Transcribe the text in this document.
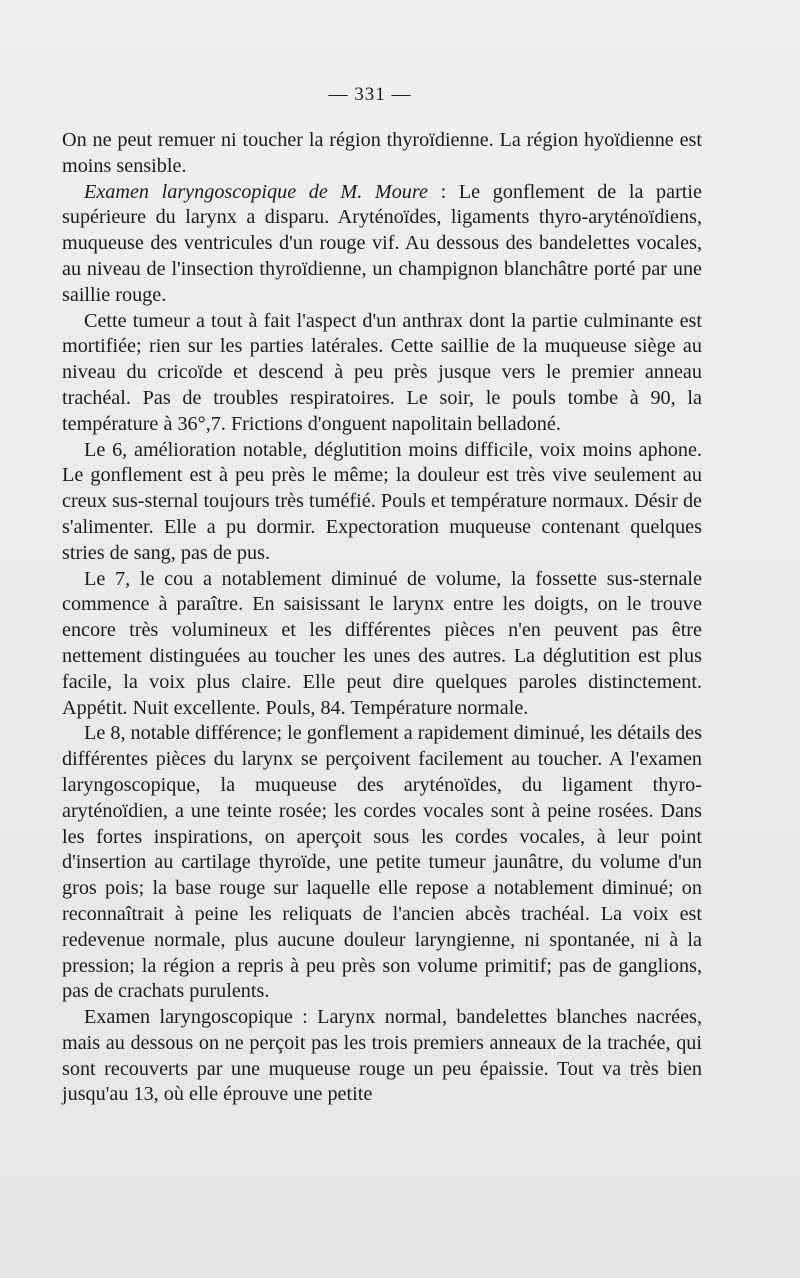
— 331 —

On ne peut remuer ni toucher la région thyroïdienne. La région hyoïdienne est moins sensible.

Examen laryngoscopique de M. Moure : Le gonflement de la partie supérieure du larynx a disparu. Aryténoïdes, ligaments thyro-aryténoïdiens, muqueuse des ventricules d'un rouge vif. Au dessous des bandelettes vocales, au niveau de l'insection thyroïdienne, un champignon blanchâtre porté par une saillie rouge.

Cette tumeur a tout à fait l'aspect d'un anthrax dont la partie culminante est mortifiée; rien sur les parties latérales. Cette saillie de la muqueuse siège au niveau du cricoïde et descend à peu près jusque vers le premier anneau trachéal. Pas de troubles respiratoires. Le soir, le pouls tombe à 90, la température à 36°,7. Frictions d'onguent napolitain belladoné.

Le 6, amélioration notable, déglutition moins difficile, voix moins aphone. Le gonflement est à peu près le même; la douleur est très vive seulement au creux sus-sternal toujours très tuméfié. Pouls et température normaux. Désir de s'alimenter. Elle a pu dormir. Expectoration muqueuse contenant quelques stries de sang, pas de pus.

Le 7, le cou a notablement diminué de volume, la fossette sus-sternale commence à paraître. En saisissant le larynx entre les doigts, on le trouve encore très volumineux et les différentes pièces n'en peuvent pas être nettement distinguées au toucher les unes des autres. La déglutition est plus facile, la voix plus claire. Elle peut dire quelques paroles distinctement. Appétit. Nuit excellente. Pouls, 84. Température normale.

Le 8, notable différence; le gonflement a rapidement diminué, les détails des différentes pièces du larynx se perçoivent facilement au toucher. A l'examen laryngoscopique, la muqueuse des aryténoïdes, du ligament thyro-aryténoïdien, a une teinte rosée; les cordes vocales sont à peine rosées. Dans les fortes inspirations, on aperçoit sous les cordes vocales, à leur point d'insertion au cartilage thyroïde, une petite tumeur jaunâtre, du volume d'un gros pois; la base rouge sur laquelle elle repose a notablement diminué; on reconnaîtrait à peine les reliquats de l'ancien abcès trachéal. La voix est redevenue normale, plus aucune douleur laryngienne, ni spontanée, ni à la pression; la région a repris à peu près son volume primitif; pas de ganglions, pas de crachats purulents.

Examen laryngoscopique : Larynx normal, bandelettes blanches nacrées, mais au dessous on ne perçoit pas les trois premiers anneaux de la trachée, qui sont recouverts par une muqueuse rouge un peu épaissie. Tout va très bien jusqu'au 13, où elle éprouve une petite
